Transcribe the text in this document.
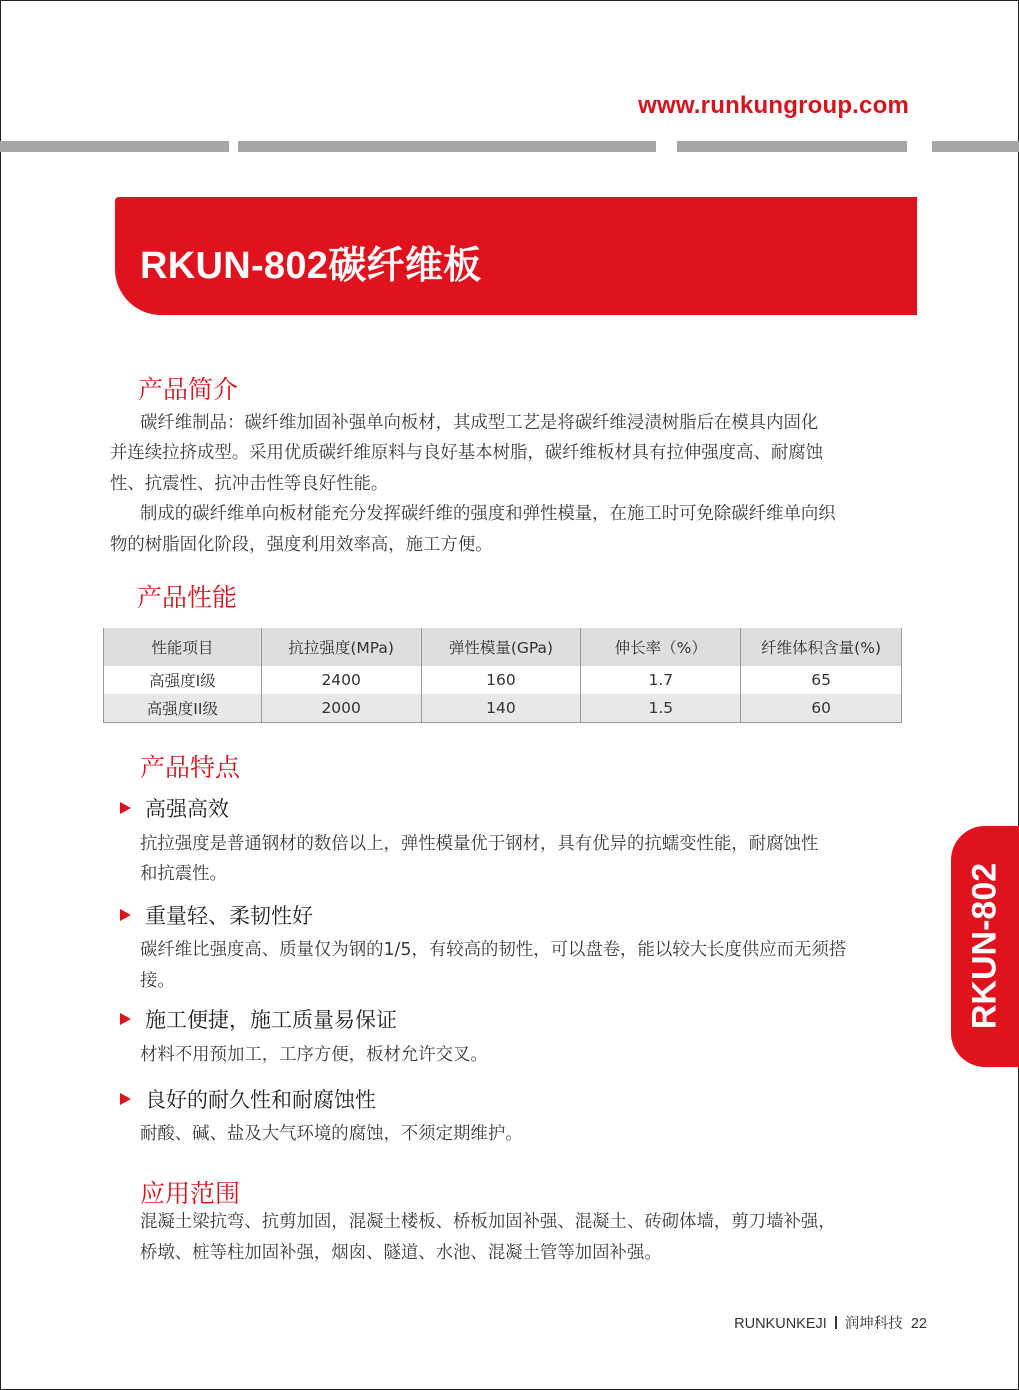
www.runkungroup.com
RKUN-802碳纤维板
产品简介
碳纤维制品：碳纤维加固补强单向板材，其成型工艺是将碳纤维浸渍树脂后在模具内固化
并连续拉挤成型。采用优质碳纤维原料与良好基本树脂，碳纤维板材具有拉伸强度高、耐腐蚀
性、抗震性、抗冲击性等良好性能。
制成的碳纤维单向板材能充分发挥碳纤维的强度和弹性模量，在施工时可免除碳纤维单向织
物的树脂固化阶段，强度利用效率高，施工方便。
产品性能
性能项目	抗拉强度(MPa)	弹性模量(GPa)	伸长率（%）	纤维体积含量(%)
高强度I级	2400	160	1.7	65
高强度II级	2000	140	1.5	60
产品特点
高强高效
抗拉强度是普通钢材的数倍以上，弹性模量优于钢材，具有优异的抗蠕变性能，耐腐蚀性
和抗震性。
重量轻、柔韧性好
碳纤维比强度高、质量仅为钢的1/5，有较高的韧性，可以盘卷，能以较大长度供应而无须搭
接。
施工便捷，施工质量易保证
材料不用预加工，工序方便，板材允许交叉。
良好的耐久性和耐腐蚀性
耐酸、碱、盐及大气环境的腐蚀，不须定期维护。
应用范围
混凝土梁抗弯、抗剪加固，混凝土楼板、桥板加固补强、混凝土、砖砌体墙，剪刀墙补强，
桥墩、桩等柱加固补强，烟囱、隧道、水池、混凝土管等加固补强。
RKUN-802
RUNKUNKEJI 润坤科技 22
